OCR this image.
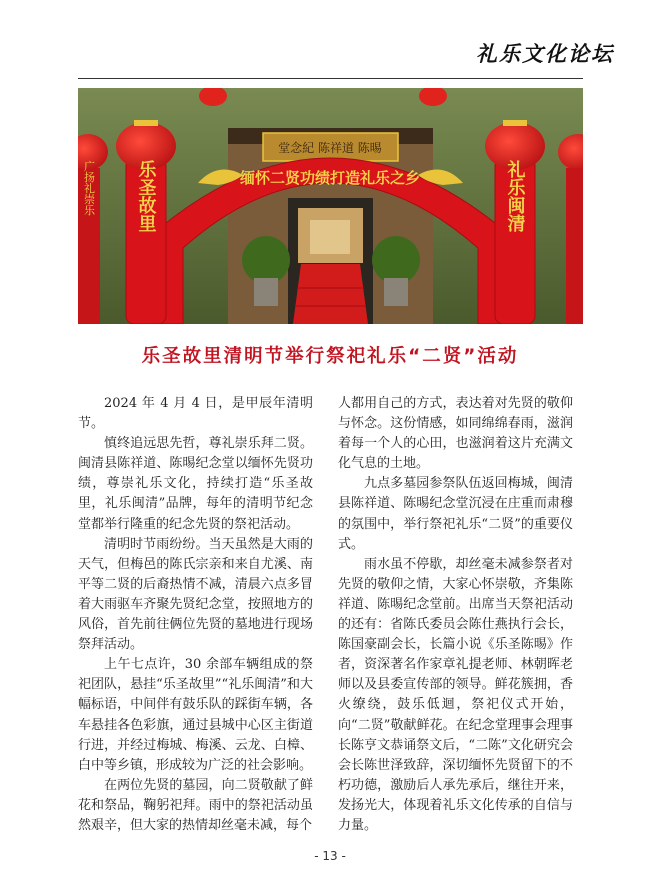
礼乐文化论坛
堂念紀 陈祥道 陈晹
缅怀二贤功绩打造礼乐之乡
乐圣故里	礼乐闽清
广扬礼崇乐
乐圣故里清明节举行祭祀礼乐“二贤”活动

2024 年 4 月 4 日，是甲辰年清明节。

慎终追远思先哲，尊礼崇乐拜二贤。闽清县陈祥道、陈晹纪念堂以缅怀先贤功绩，尊崇礼乐文化，持续打造“乐圣故里，礼乐闽清”品牌，每年的清明节纪念堂都举行隆重的纪念先贤的祭祀活动。

清明时节雨纷纷。当天虽然是大雨的天气，但梅邑的陈氏宗亲和来自尤溪、南平等二贤的后裔热情不减，清晨六点多冒着大雨驱车齐聚先贤纪念堂，按照地方的风俗，首先前往俩位先贤的墓地进行现场祭拜活动。

上午七点许，30 余部车辆组成的祭祀团队，悬挂“乐圣故里”“礼乐闽清”和大幅标语，中间伴有鼓乐队的踩街车辆，各车悬挂各色彩旗，通过县城中心区主街道行进，并经过梅城、梅溪、云龙、白樟、白中等乡镇，形成较为广泛的社会影响。

在两位先贤的墓园，向二贤敬献了鲜花和祭品，鞠躬祀拜。雨中的祭祀活动虽然艰辛，但大家的热情却丝毫未减，每个

人都用自己的方式，表达着对先贤的敬仰与怀念。这份情感，如同绵绵春雨，滋润着每一个人的心田，也滋润着这片充满文化气息的土地。

九点多墓园参祭队伍返回梅城，闽清县陈祥道、陈晹纪念堂沉浸在庄重而肃穆的氛围中，举行祭祀礼乐“二贤”的重要仪式。

雨水虽不停歇，却丝毫未减参祭者对先贤的敬仰之情，大家心怀崇敬，齐集陈祥道、陈晹纪念堂前。出席当天祭祀活动的还有：省陈氏委员会陈仕燕执行会长，陈国豪副会长，长篇小说《乐圣陈晹》作者，资深著名作家章礼提老师、林朝晖老师以及县委宣传部的领导。鲜花簇拥，香火缭绕，鼓乐低迴，祭祀仪式开始，向“二贤”敬献鲜花。在纪念堂理事会理事长陈亨文恭诵祭文后，“二陈”文化研究会会长陈世泽致辞，深切缅怀先贤留下的不朽功德，激励后人承先承后，继往开来，发扬光大，体现着礼乐文化传承的自信与力量。

- 13 -
